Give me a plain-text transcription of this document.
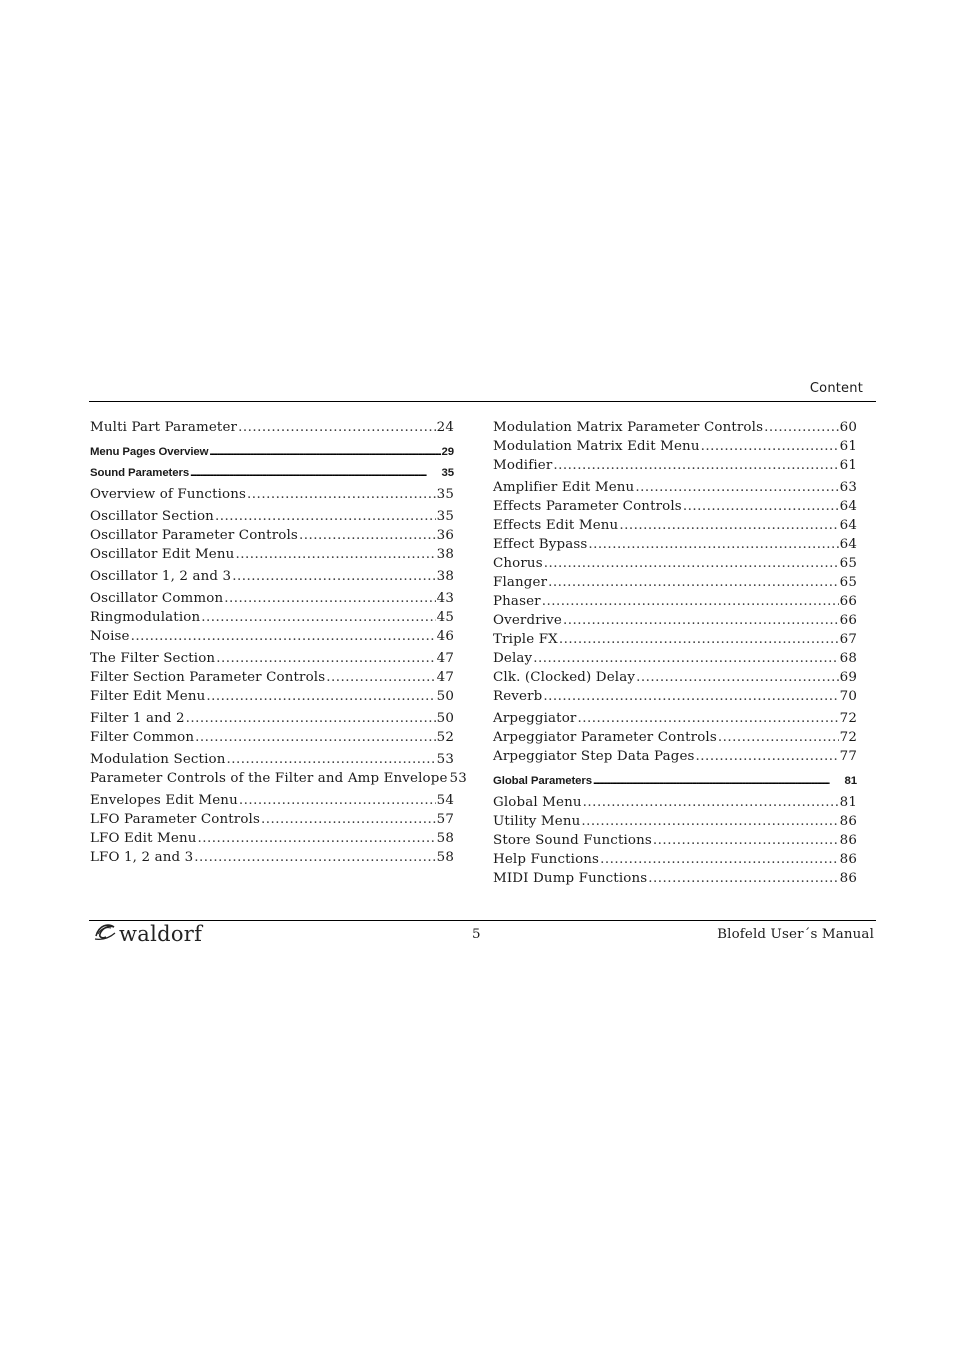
Content
Multi Part Parameter .....	24
Menu Pages Overview .....	29
Sound Parameters .....	35
Overview of Functions .....	35
Oscillator Section .....	35
Oscillator Parameter Controls .....	36
Oscillator Edit Menu .....	38
Oscillator 1, 2 and 3 .....	38
Oscillator Common .....	43
Ringmodulation .....	45
Noise .....	46
The Filter Section .....	47
Filter Section Parameter Controls .....	47
Filter Edit Menu .....	50
Filter 1 and 2 .....	50
Filter Common .....	52
Modulation Section .....	53
Parameter Controls of the Filter and Amp Envelope 53
Envelopes Edit Menu .....	54
LFO Parameter Controls .....	57
LFO Edit Menu .....	58
LFO 1, 2 and 3 .....	58
Modulation Matrix Parameter Controls .....	60
Modulation Matrix Edit Menu .....	61
Modifier .....	61
Amplifier Edit Menu .....	63
Effects Parameter Controls .....	64
Effects Edit Menu .....	64
Effect Bypass .....	64
Chorus .....	65
Flanger .....	65
Phaser .....	66
Overdrive .....	66
Triple FX .....	67
Delay .....	68
Clk. (Clocked) Delay .....	69
Reverb .....	70
Arpeggiator .....	72
Arpeggiator Parameter Controls .....	72
Arpeggiator Step Data Pages .....	77
Global Parameters .....	81
Global Menu .....	81
Utility Menu .....	86
Store Sound Functions .....	86
Help Functions .....	86
MIDI Dump Functions .....	86
waldorf	5	Blofeld User´s Manual
